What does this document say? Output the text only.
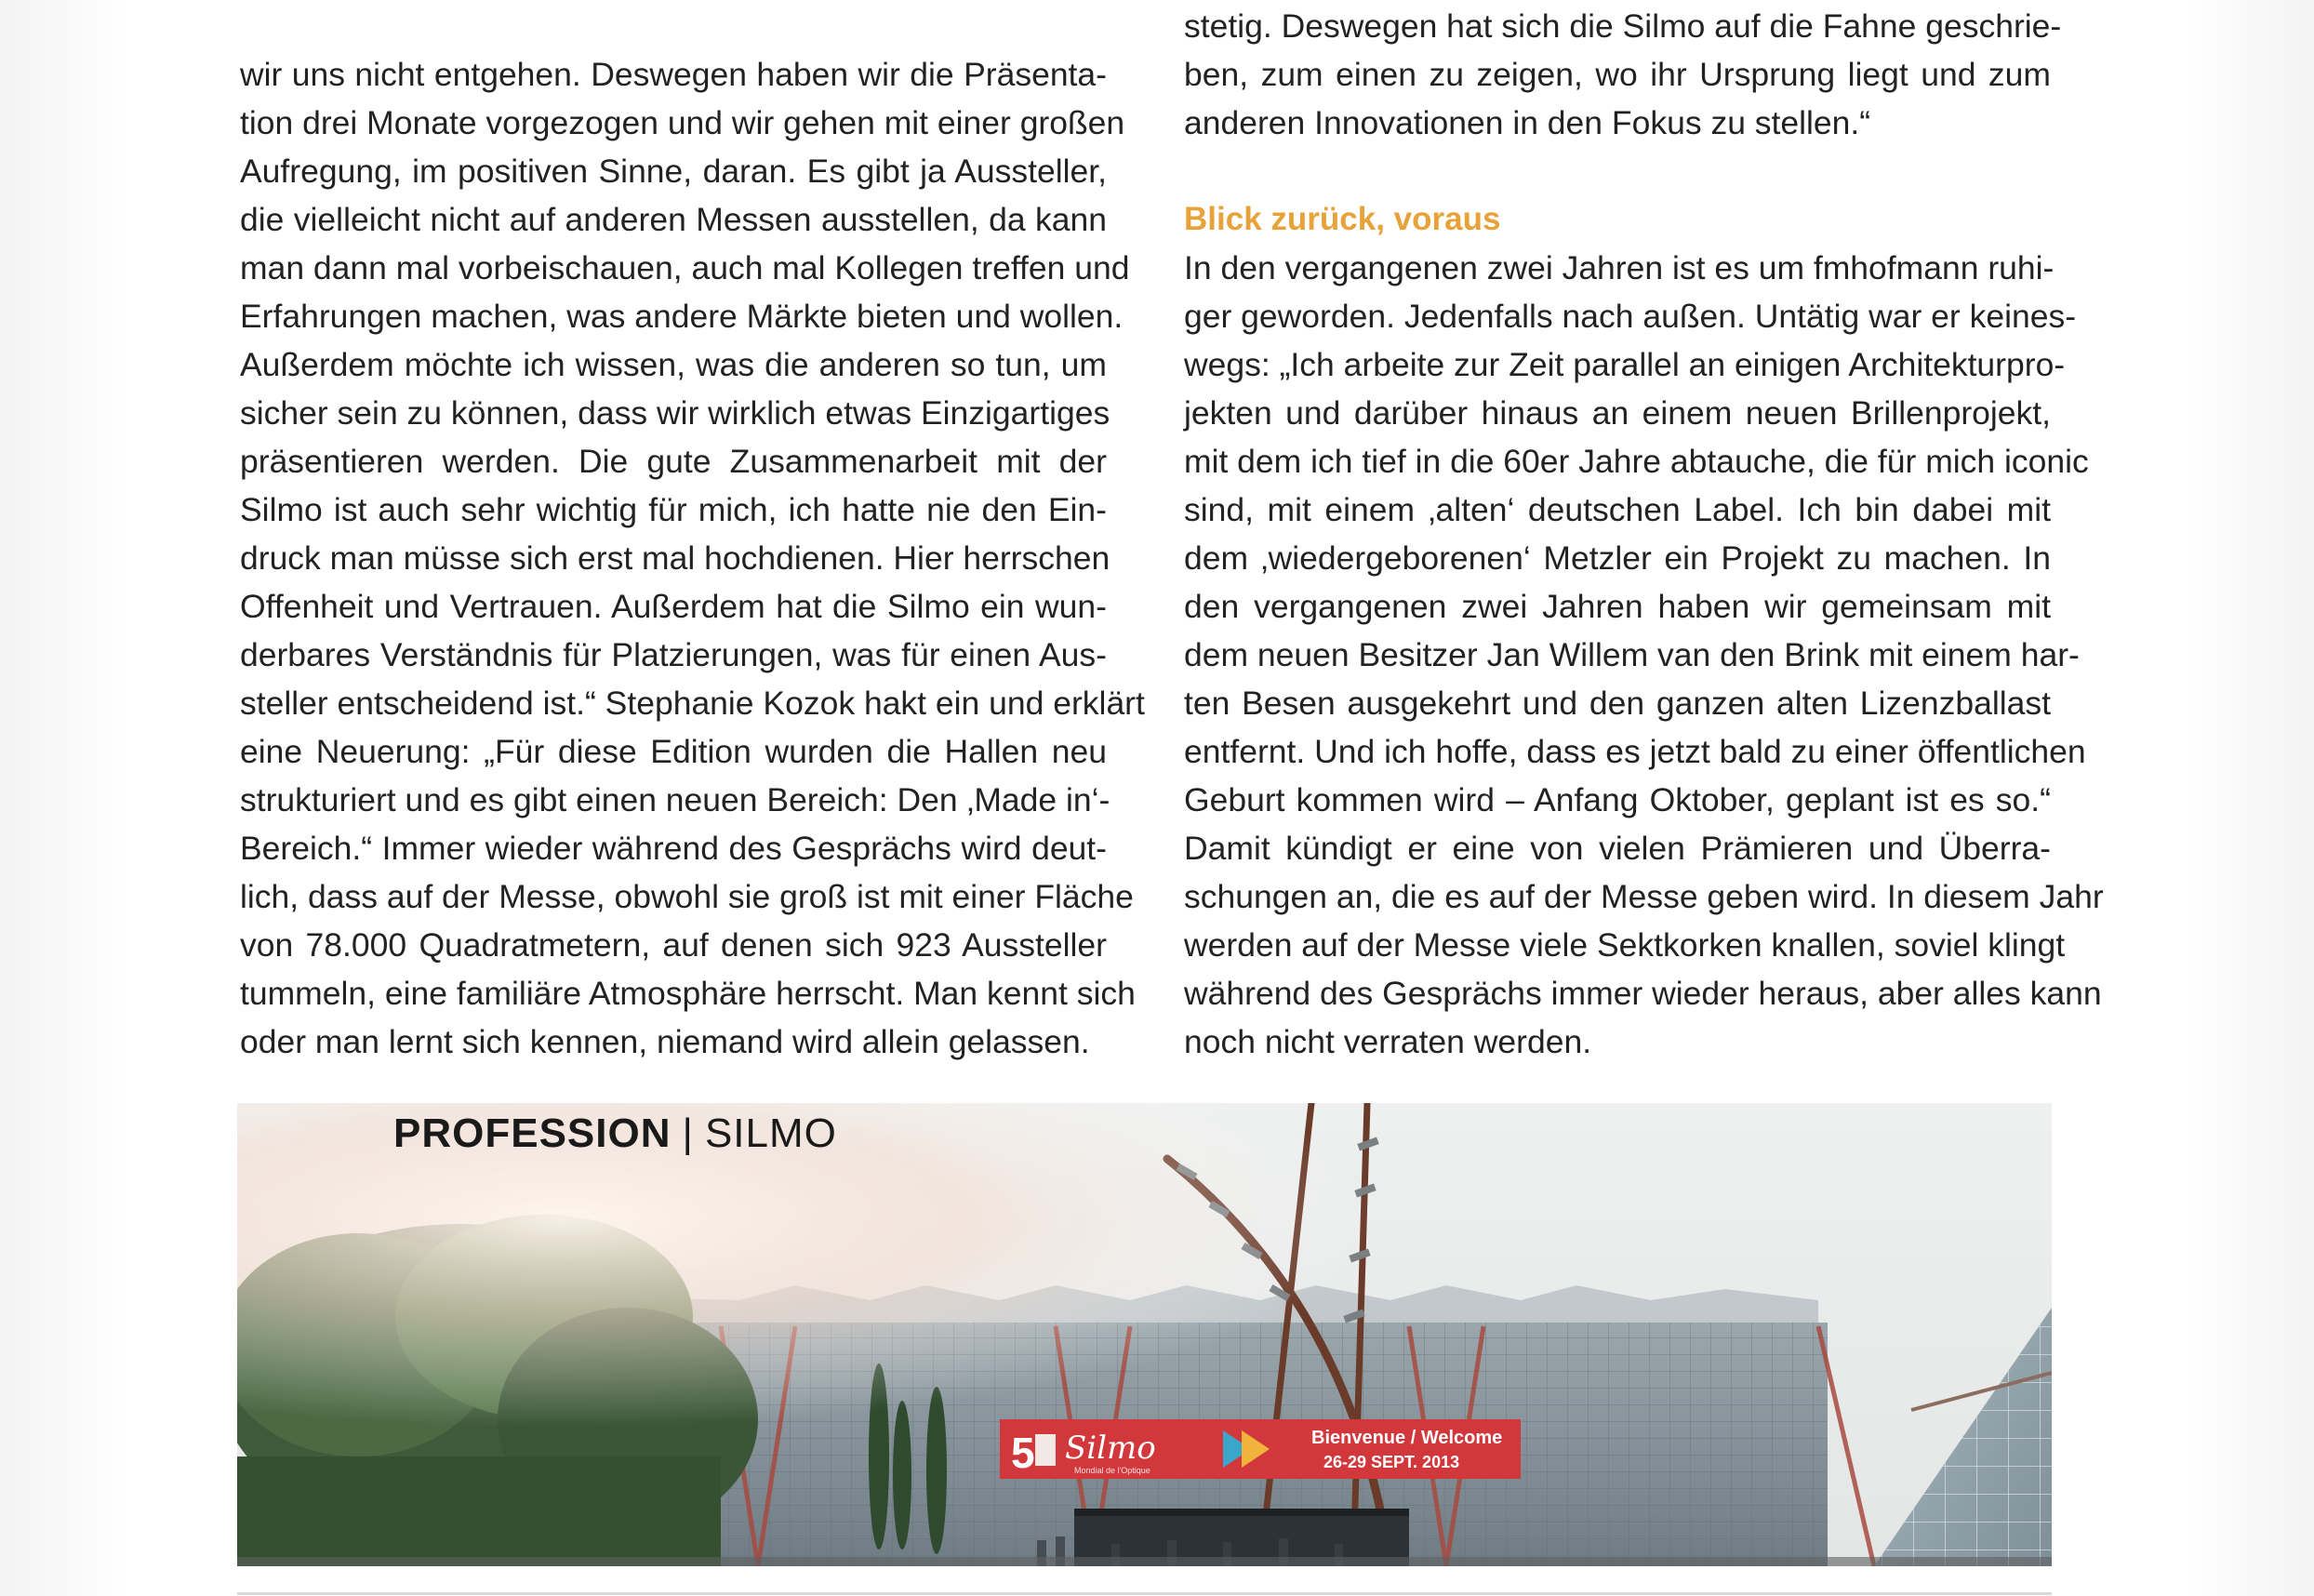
wir uns nicht entgehen. Deswegen haben wir die Präsenta-
tion drei Monate vorgezogen und wir gehen mit einer großen
Aufregung, im positiven Sinne, daran. Es gibt ja Aussteller,
die vielleicht nicht auf anderen Messen ausstellen, da kann
man dann mal vorbeischauen, auch mal Kollegen treffen und
Erfahrungen machen, was andere Märkte bieten und wollen.
Außerdem möchte ich wissen, was die anderen so tun, um
sicher sein zu können, dass wir wirklich etwas Einzigartiges
präsentieren werden. Die gute Zusammenarbeit mit der
Silmo ist auch sehr wichtig für mich, ich hatte nie den Ein-
druck man müsse sich erst mal hochdienen. Hier herrschen
Offenheit und Vertrauen. Außerdem hat die Silmo ein wun-
derbares Verständnis für Platzierungen, was für einen Aus-
steller entscheidend ist.“ Stephanie Kozok hakt ein und erklärt
eine Neuerung: „Für diese Edition wurden die Hallen neu
strukturiert und es gibt einen neuen Bereich: Den ‚Made in‘-
Bereich.“ Immer wieder während des Gesprächs wird deut-
lich, dass auf der Messe, obwohl sie groß ist mit einer Fläche
von 78.000 Quadratmetern, auf denen sich 923 Aussteller
tummeln, eine familiäre Atmosphäre herrscht. Man kennt sich
oder man lernt sich kennen, niemand wird allein gelassen.
stetig. Deswegen hat sich die Silmo auf die Fahne geschrie-
ben, zum einen zu zeigen, wo ihr Ursprung liegt und zum
anderen Innovationen in den Fokus zu stellen.“
Blick zurück, voraus
In den vergangenen zwei Jahren ist es um fmhofmann ruhi-
ger geworden. Jedenfalls nach außen. Untätig war er keines-
wegs: „Ich arbeite zur Zeit parallel an einigen Architekturpro-
jekten und darüber hinaus an einem neuen Brillenprojekt,
mit dem ich tief in die 60er Jahre abtauche, die für mich iconic
sind, mit einem ‚alten‘ deutschen Label. Ich bin dabei mit
dem ‚wiedergeborenen‘ Metzler ein Projekt zu machen. In
den vergangenen zwei Jahren haben wir gemeinsam mit
dem neuen Besitzer Jan Willem van den Brink mit einem har-
ten Besen ausgekehrt und den ganzen alten Lizenzballast
entfernt. Und ich hoffe, dass es jetzt bald zu einer öffentlichen
Geburt kommen wird – Anfang Oktober, geplant ist es so.“
Damit kündigt er eine von vielen Prämieren und Überra-
schungen an, die es auf der Messe geben wird. In diesem Jahr
werden auf der Messe viele Sektkorken knallen, soviel klingt
während des Gesprächs immer wieder heraus, aber alles kann
noch nicht verraten werden.
PROFESSION | SILMO
